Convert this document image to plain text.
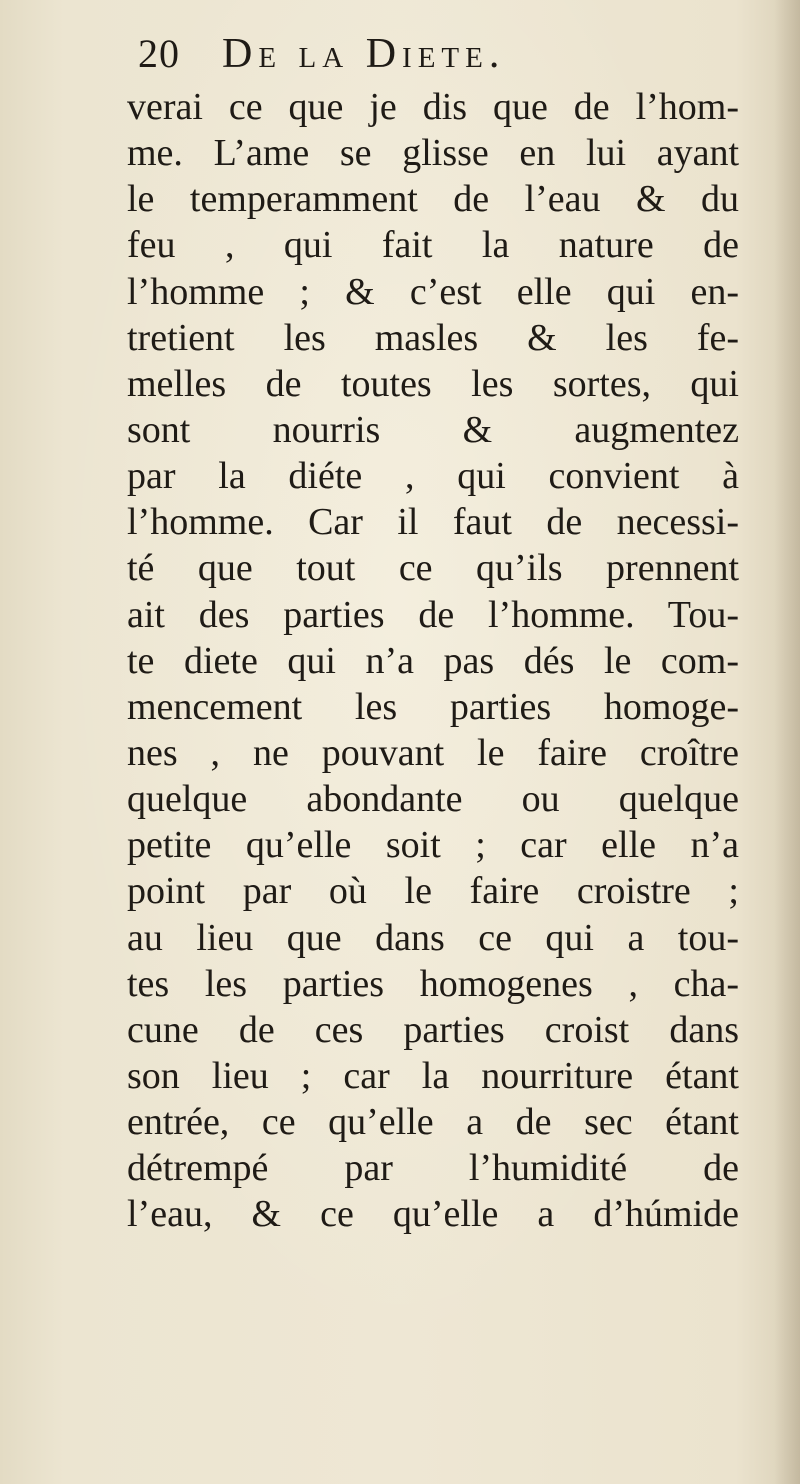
20 De la Diete.
verai ce que je dis que de l’hom-
me. L’ame se glisse en lui ayant
le temperamment de l’eau & du
feu , qui fait la nature de
l’homme ; & c’est elle qui en-
tretient les masles & les fe-
melles de toutes les sortes, qui
sont nourris & augmentez
par la diéte , qui convient à
l’homme. Car il faut de necessi-
té que tout ce qu’ils prennent
ait des parties de l’homme. Tou-
te diete qui n’a pas dés le com-
mencement les parties homoge-
nes , ne pouvant le faire croître
quelque abondante ou quelque
petite qu’elle soit ; car elle n’a
point par où le faire croistre ;
au lieu que dans ce qui a tou-
tes les parties homogenes , cha-
cune de ces parties croist dans
son lieu ; car la nourriture étant
entrée, ce qu’elle a de sec étant
détrempé par l’humidité de
l’eau, & ce qu’elle a d’húmide
